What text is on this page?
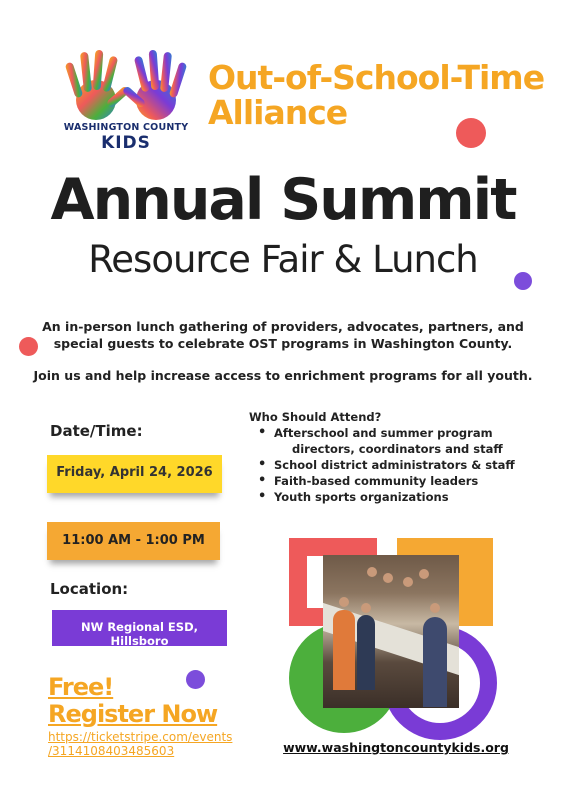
WASHINGTON COUNTY
KIDS
Out-of-School-Time
Alliance
Annual Summit
Resource Fair & Lunch
An in-person lunch gathering of providers, advocates, partners, and
special guests to celebrate OST programs in Washington County.
Join us and help increase access to enrichment programs for all youth.
Date/Time:
Friday, April 24, 2026
11:00 AM - 1:00 PM
Location:
NW Regional ESD, Hillsboro
Free!
Register Now
https://ticketstripe.com/events
/3114108403485603
Who Should Attend?
• Afterschool and summer program
directors, coordinators and staff
• School district administrators & staff
• Faith-based community leaders
• Youth sports organizations
www.washingtoncountykids.org
